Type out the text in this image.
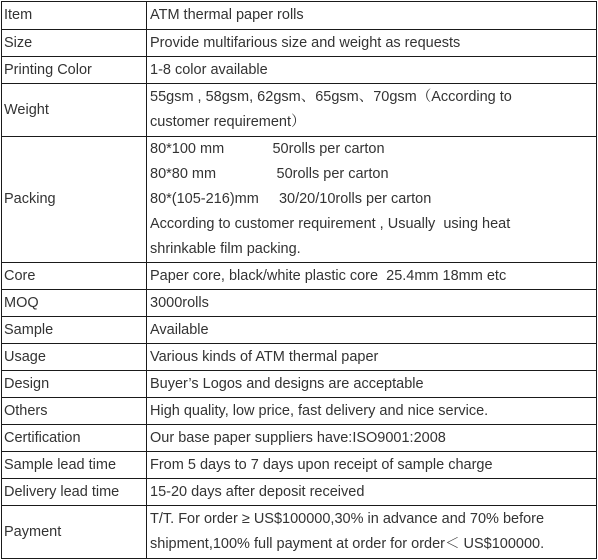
Item	ATM thermal paper rolls

Size	Provide multifarious size and weight as requests

Printing Color	1-8 color available

Weight	55gsm , 58gsm, 62gsm、65gsm、70gsm（According to
customer requirement）

Packing	80*100 mm            50rolls per carton
80*80 mm               50rolls per carton
80*(105-216)mm     30/20/10rolls per carton
According to customer requirement , Usually  using heat
shrinkable film packing.

Core	Paper core, black/white plastic core  25.4mm 18mm etc

MOQ	3000rolls

Sample	Available

Usage	Various kinds of ATM thermal paper

Design	Buyer’s Logos and designs are acceptable

Others	High quality, low price, fast delivery and nice service.

Certification	Our base paper suppliers have:ISO9001:2008

Sample lead time	From 5 days to 7 days upon receipt of sample charge

Delivery lead time	15-20 days after deposit received

Payment	T/T. For order ≥ US$100000,30% in advance and 70% before
shipment,100% full payment at order for order＜ US$100000.
